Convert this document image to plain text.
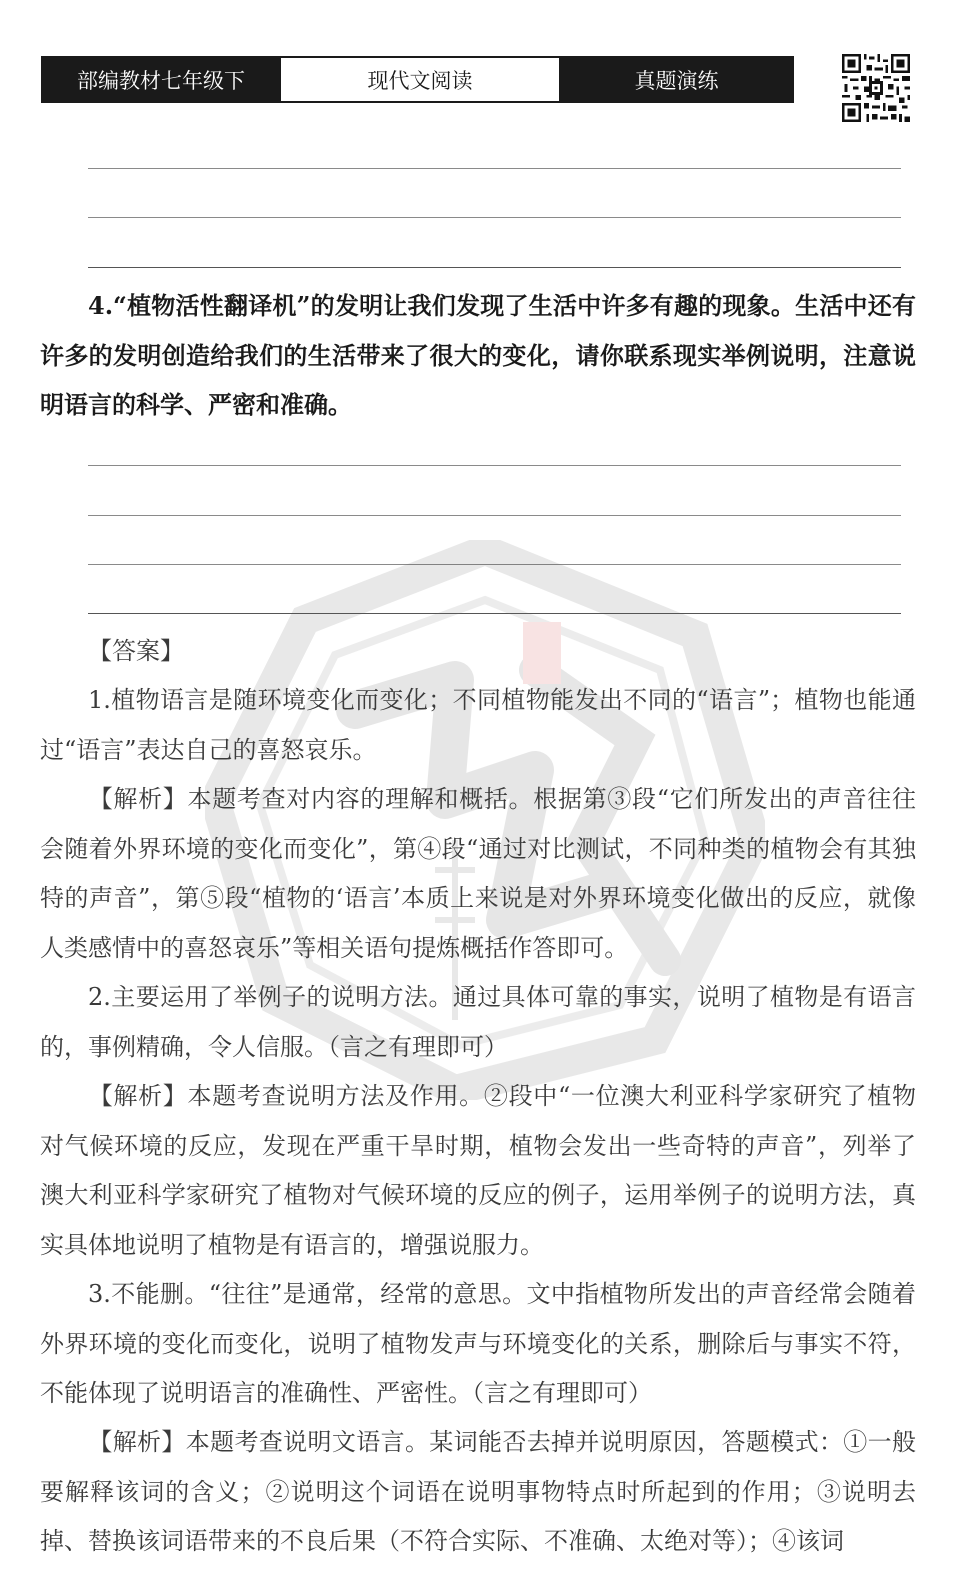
部编教材七年级下	现代文阅读	真题演练
4.“植物活性翻译机”的发明让我们发现了生活中许多有趣的现象。生活中还有许多的发明创造给我们的生活带来了很大的变化，请你联系现实举例说明，注意说明语言的科学、严密和准确。
【答案】
1.植物语言是随环境变化而变化；不同植物能发出不同的“语言”；植物也能通过“语言”表达自己的喜怒哀乐。
【解析】本题考查对内容的理解和概括。根据第③段“它们所发出的声音往往会随着外界环境的变化而变化”，第④段“通过对比测试，不同种类的植物会有其独特的声音”，第⑤段“植物的‘语言’本质上来说是对外界环境变化做出的反应，就像人类感情中的喜怒哀乐”等相关语句提炼概括作答即可。
2.主要运用了举例子的说明方法。通过具体可靠的事实，说明了植物是有语言的，事例精确，令人信服。（言之有理即可）
【解析】本题考查说明方法及作用。②段中“一位澳大利亚科学家研究了植物对气候环境的反应，发现在严重干旱时期，植物会发出一些奇特的声音”，列举了澳大利亚科学家研究了植物对气候环境的反应的例子，运用举例子的说明方法，真实具体地说明了植物是有语言的，增强说服力。
3.不能删。“往往”是通常，经常的意思。文中指植物所发出的声音经常会随着外界环境的变化而变化，说明了植物发声与环境变化的关系，删除后与事实不符，不能体现了说明语言的准确性、严密性。（言之有理即可）
【解析】本题考查说明文语言。某词能否去掉并说明原因，答题模式：①一般要解释该词的含义；②说明这个词语在说明事物特点时所起到的作用；③说明去掉、替换该词语带来的不良后果（不符合实际、不准确、太绝对等）；④该词
